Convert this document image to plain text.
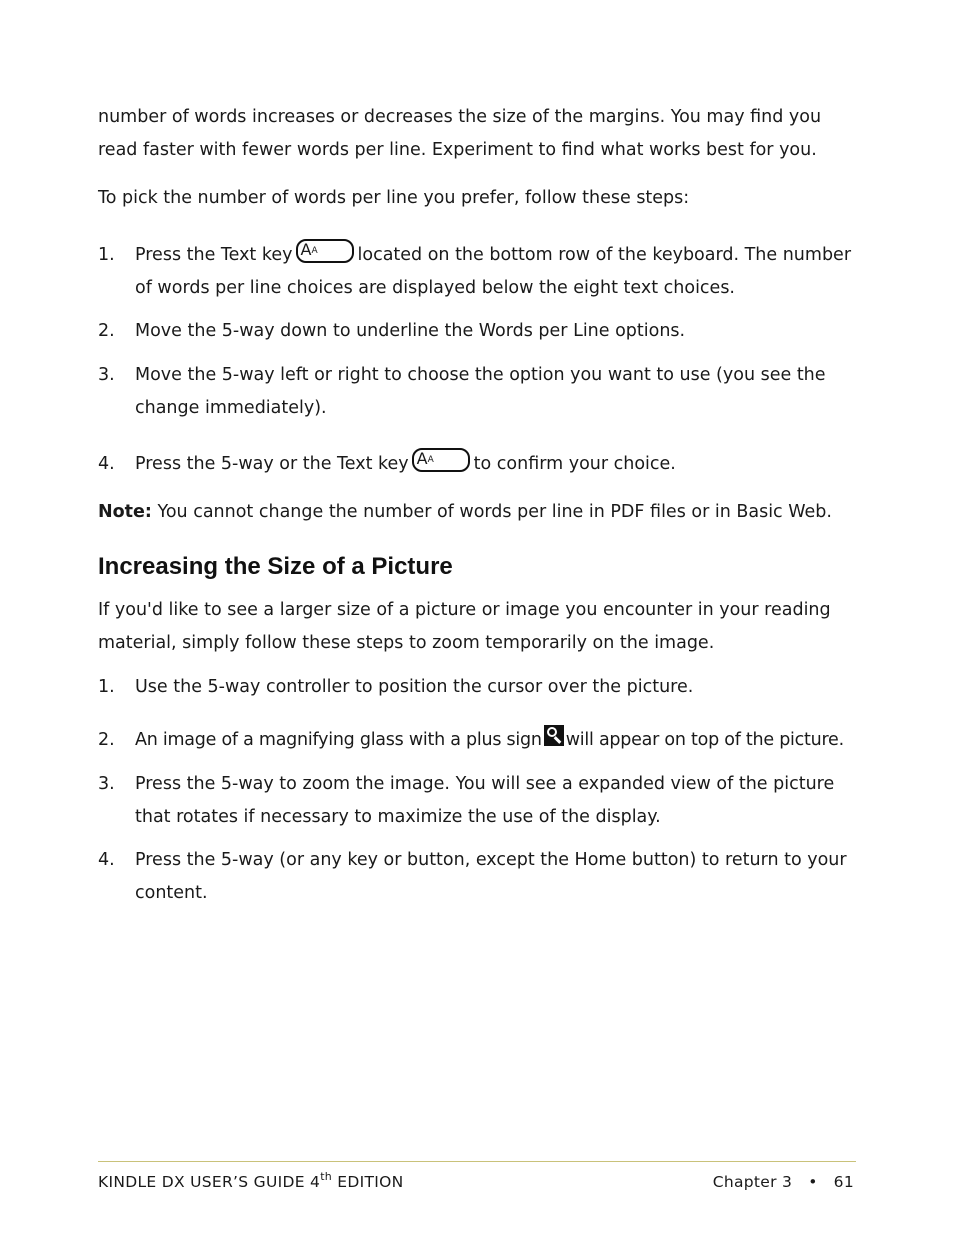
number of words increases or decreases the size of the margins. You may find you read faster with fewer words per line. Experiment to find what works best for you.

To pick the number of words per line you prefer, follow these steps:

1. Press the Text key A A located on the bottom row of the keyboard. The number of words per line choices are displayed below the eight text choices.
2. Move the 5-way down to underline the Words per Line options.
3. Move the 5-way left or right to choose the option you want to use (you see the change immediately).
4. Press the 5-way or the Text key A A to confirm your choice.

Note: You cannot change the number of words per line in PDF files or in Basic Web.

Increasing the Size of a Picture

If you'd like to see a larger size of a picture or image you encounter in your reading material, simply follow these steps to zoom temporarily on the image.

1. Use the 5-way controller to position the cursor over the picture.
2. An image of a magnifying glass with a plus sign will appear on top of the picture.
3. Press the 5-way to zoom the image. You will see a expanded view of the picture that rotates if necessary to maximize the use of the display.
4. Press the 5-way (or any key or button, except the Home button) to return to your content.
KINDLE DX USER’S GUIDE 4th EDITION	Chapter 3 • 61
